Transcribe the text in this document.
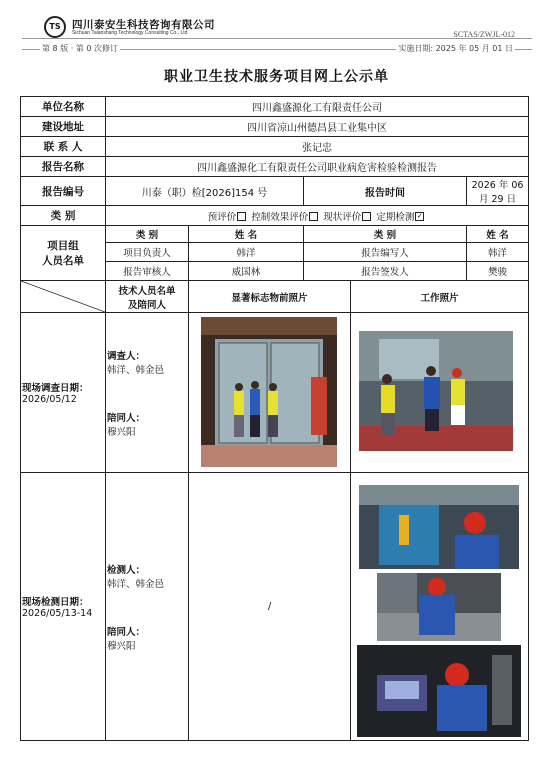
TS	四川泰安生科技咨询有限公司
Sichuan Taianshang Technology Consulting Co., Ltd	SCTAS/ZWJL-012
第 8 版 · 第 0 次修订	实施日期: 2025 年 05 月 01 日
职业卫生技术服务项目网上公示单
单位名称	四川鑫盛源化工有限责任公司				
建设地址	四川省凉山州德昌县工业集中区				
联 系 人	张记忠				
报告名称	四川鑫盛源化工有限责任公司职业病危害检验检测报告				
报告编号	川泰（职）检[2026]154 号		报告时间		2026 年 06 月 29 日
类 别	预评价 控制效果评价 现状评价 定期检测✓

项目组
人员名单	类 别	姓 名	类 别		姓 名
	项目负责人	韩洋	报告编写人		韩洋
	报告审核人	威国林	报告签发人		樊骏

技术人员名单
及陪同人	显著标志物前照片		工作照片	

现场调查日期：
2026/05/12	调查人：
韩洋、韩金邑
陪同人：
穆兴阳	

现场检测日期：
2026/05/13-14	检测人：
韩洋、韩金邑
陪同人：
穆兴阳	/	
